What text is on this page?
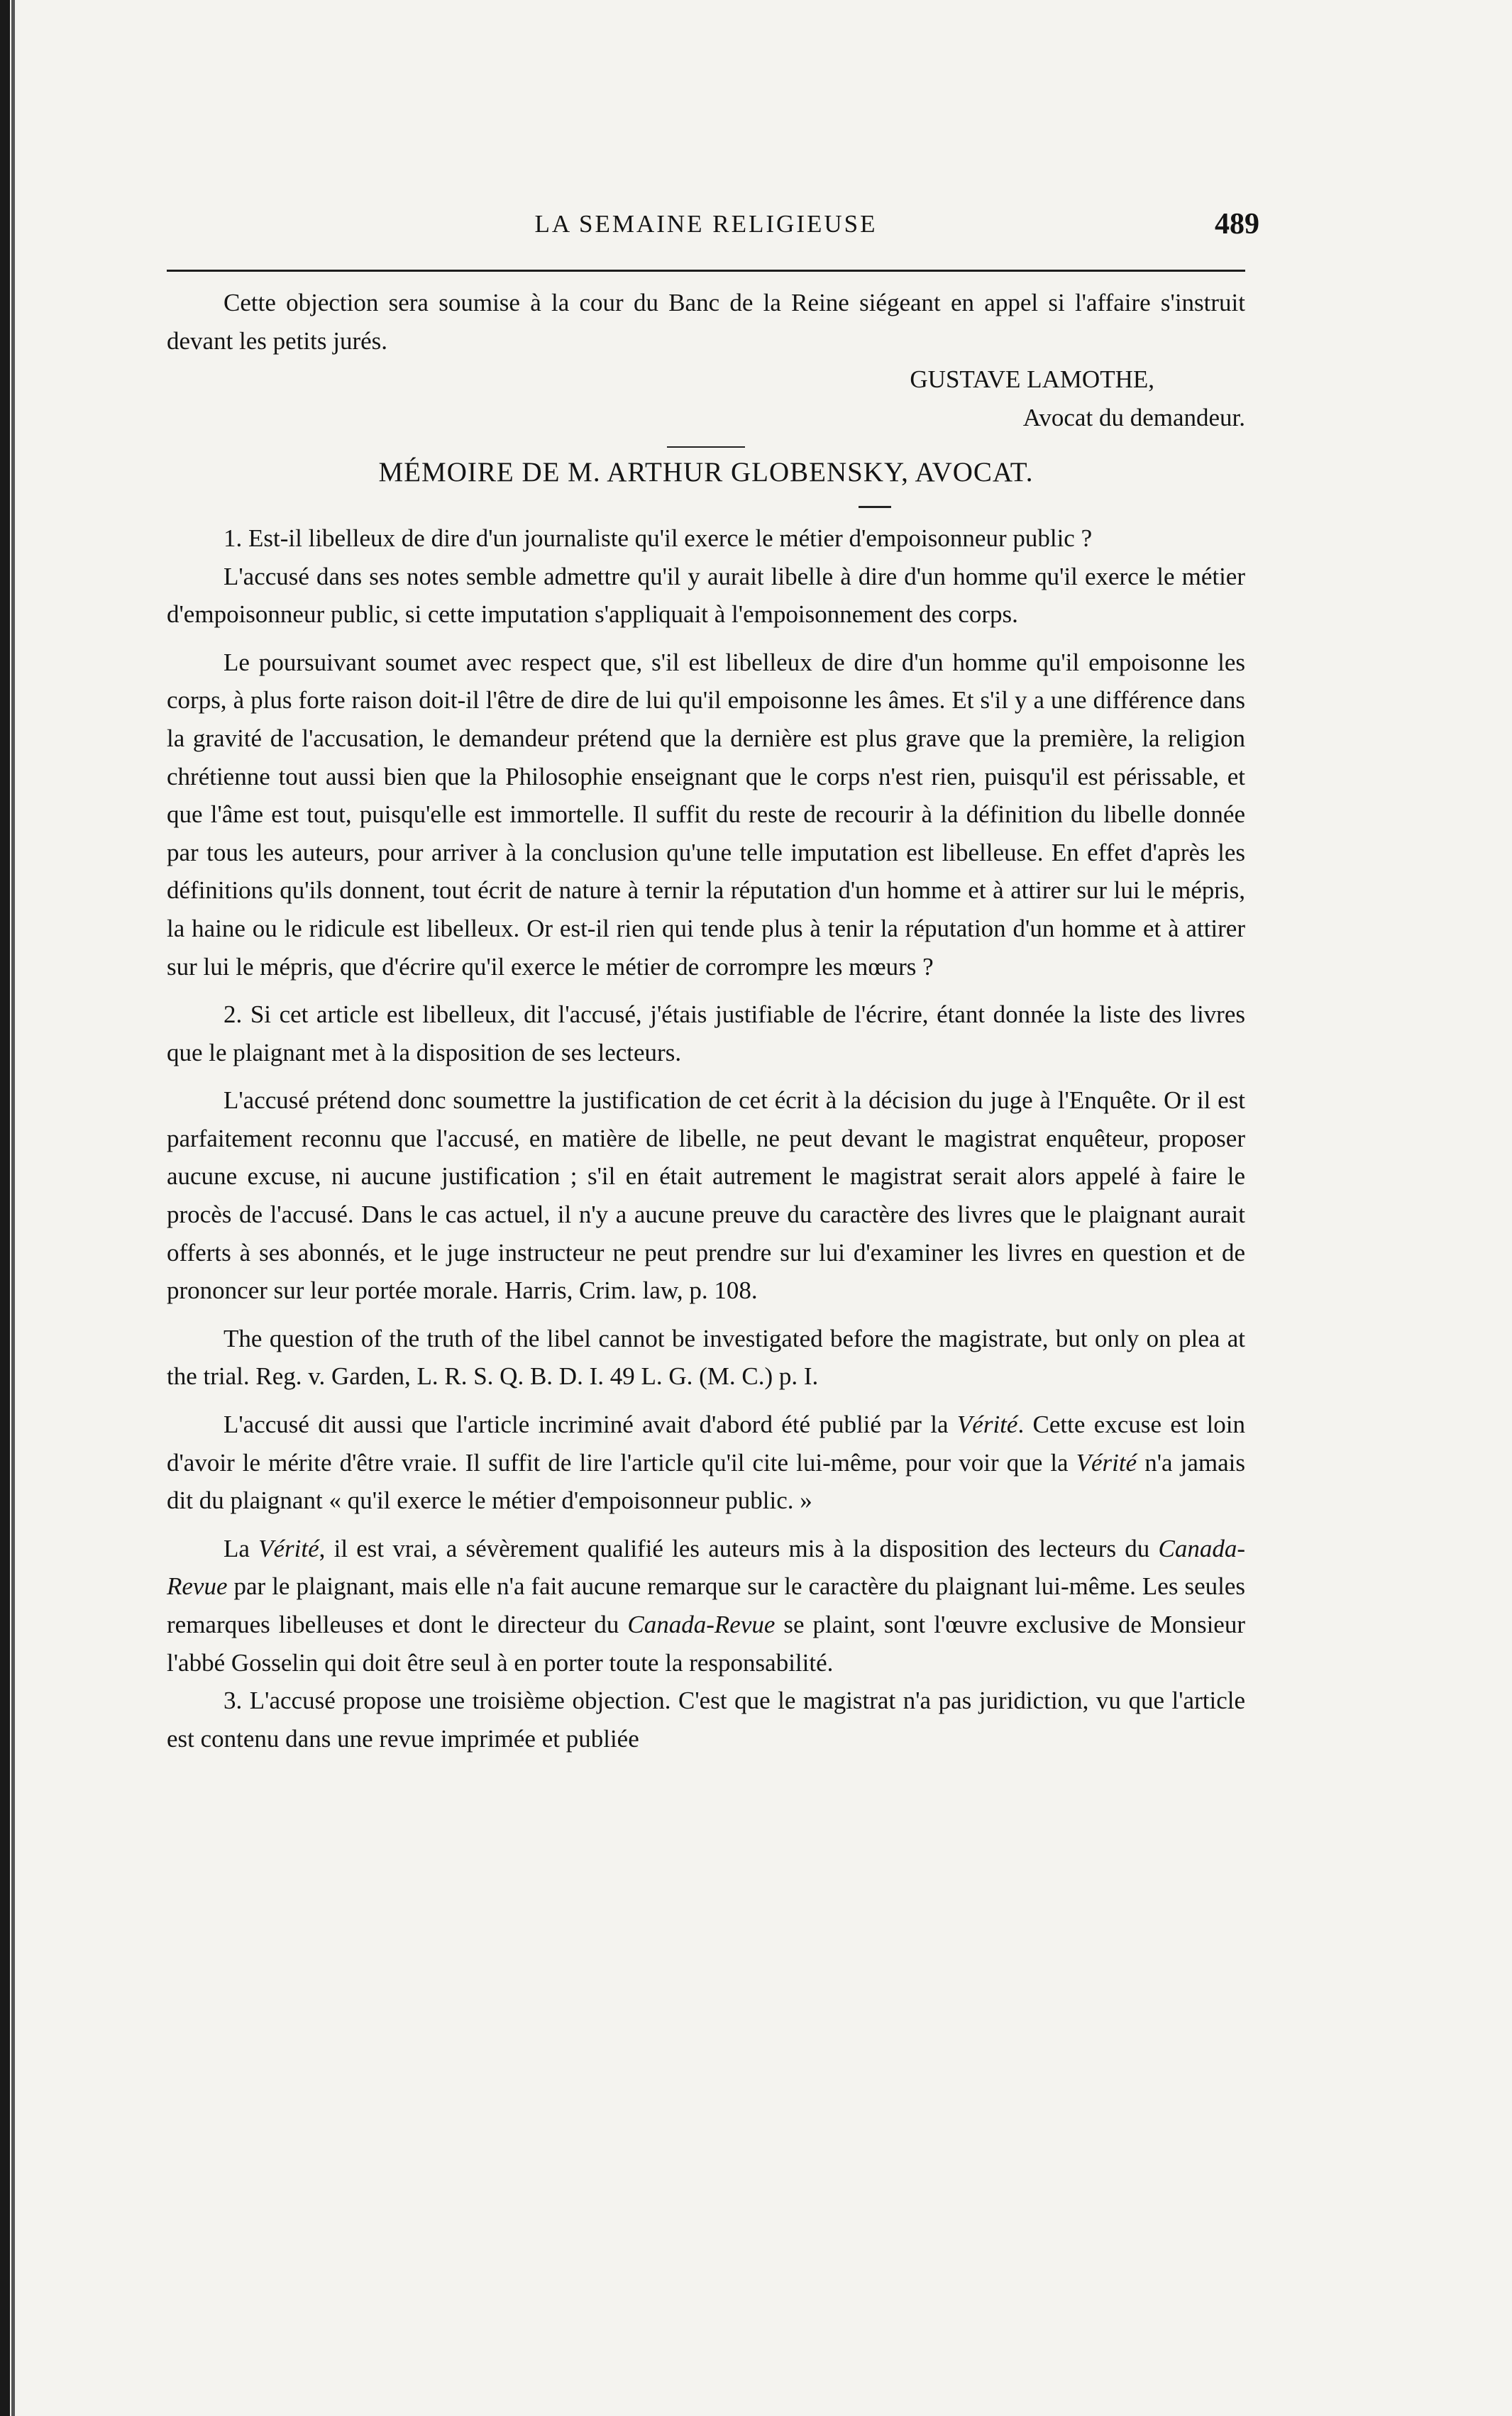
LA SEMAINE RELIGIEUSE	489

Cette objection sera soumise à la cour du Banc de la Reine siégeant en appel si l'affaire s'instruit devant les petits jurés.

GUSTAVE LAMOTHE,

Avocat du demandeur.

MÉMOIRE DE M. ARTHUR GLOBENSKY, AVOCAT.

1. Est-il libelleux de dire d'un journaliste qu'il exerce le métier d'empoisonneur public ?

L'accusé dans ses notes semble admettre qu'il y aurait libelle à dire d'un homme qu'il exerce le métier d'empoisonneur public, si cette imputation s'appliquait à l'empoisonnement des corps.

Le poursuivant soumet avec respect que, s'il est libelleux de dire d'un homme qu'il empoisonne les corps, à plus forte raison doit-il l'être de dire de lui qu'il empoisonne les âmes. Et s'il y a une différence dans la gravité de l'accusation, le demandeur prétend que la dernière est plus grave que la première, la religion chrétienne tout aussi bien que la Philosophie enseignant que le corps n'est rien, puisqu'il est périssable, et que l'âme est tout, puisqu'elle est immortelle. Il suffit du reste de recourir à la définition du libelle donnée par tous les auteurs, pour arriver à la conclusion qu'une telle imputation est libelleuse. En effet d'après les définitions qu'ils donnent, tout écrit de nature à ternir la réputation d'un homme et à attirer sur lui le mépris, la haine ou le ridicule est libelleux. Or est-il rien qui tende plus à tenir la réputation d'un homme et à attirer sur lui le mépris, que d'écrire qu'il exerce le métier de corrompre les mœurs ?

2. Si cet article est libelleux, dit l'accusé, j'étais justifiable de l'écrire, étant donnée la liste des livres que le plaignant met à la disposition de ses lecteurs.

L'accusé prétend donc soumettre la justification de cet écrit à la décision du juge à l'Enquête. Or il est parfaitement reconnu que l'accusé, en matière de libelle, ne peut devant le magistrat enquêteur, proposer aucune excuse, ni aucune justification ; s'il en était autrement le magistrat serait alors appelé à faire le procès de l'accusé. Dans le cas actuel, il n'y a aucune preuve du caractère des livres que le plaignant aurait offerts à ses abonnés, et le juge instructeur ne peut prendre sur lui d'examiner les livres en question et de prononcer sur leur portée morale. Harris, Crim. law, p. 108.

The question of the truth of the libel cannot be investigated before the magistrate, but only on plea at the trial. Reg. v. Garden, L. R. S. Q. B. D. I. 49 L. G. (M. C.) p. I.

L'accusé dit aussi que l'article incriminé avait d'abord été publié par la Vérité. Cette excuse est loin d'avoir le mérite d'être vraie. Il suffit de lire l'article qu'il cite lui-même, pour voir que la Vérité n'a jamais dit du plaignant « qu'il exerce le métier d'empoisonneur public. »

La Vérité, il est vrai, a sévèrement qualifié les auteurs mis à la disposition des lecteurs du Canada-Revue par le plaignant, mais elle n'a fait aucune remarque sur le caractère du plaignant lui-même. Les seules remarques libelleuses et dont le directeur du Canada-Revue se plaint, sont l'œuvre exclusive de Monsieur l'abbé Gosselin qui doit être seul à en porter toute la responsabilité.

3. L'accusé propose une troisième objection. C'est que le magistrat n'a pas juridiction, vu que l'article est contenu dans une revue imprimée et publiée
